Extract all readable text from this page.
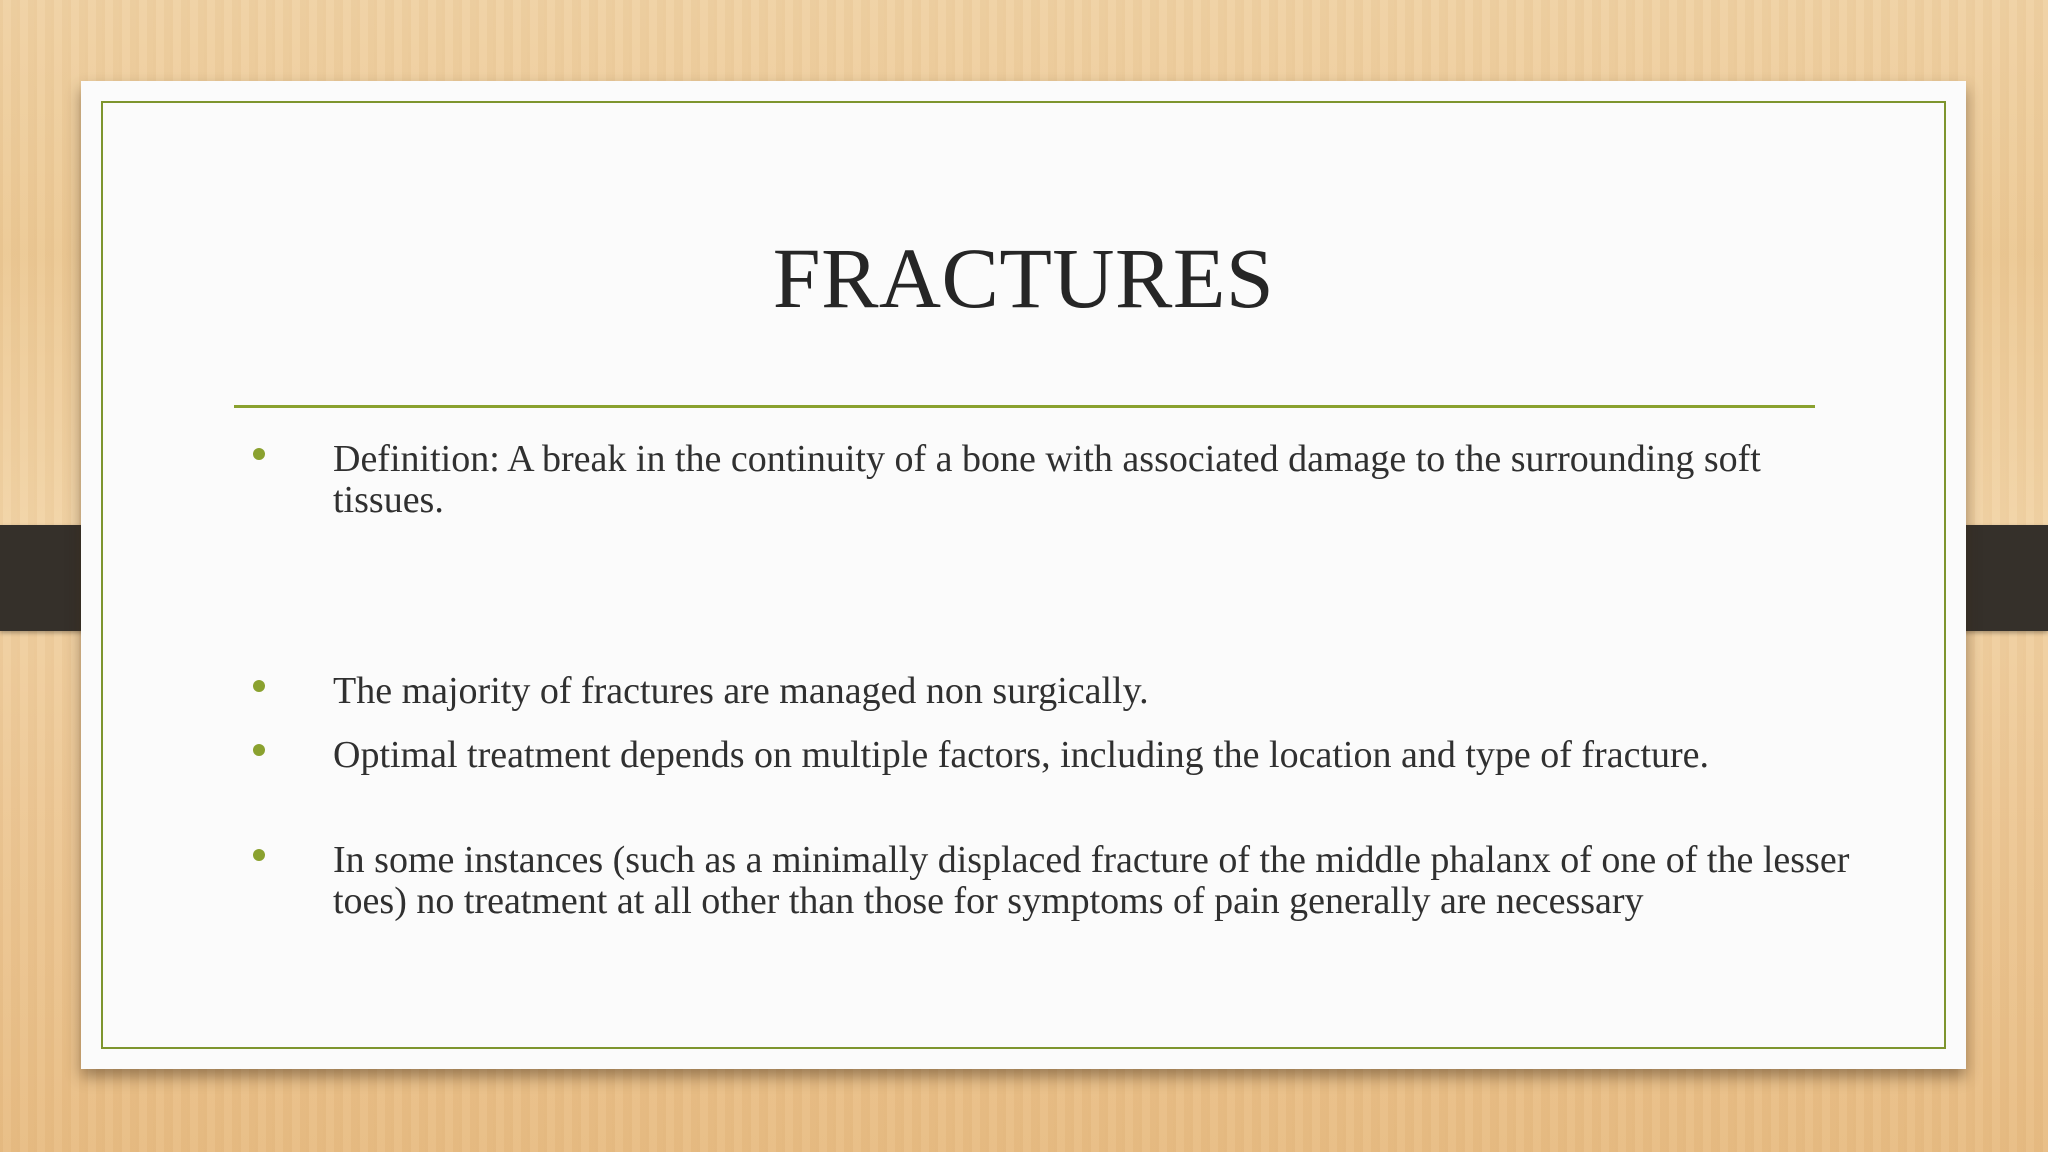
FRACTURES
Definition: A break in the continuity of a bone with associated damage to the surrounding soft tissues.
The majority of fractures are managed non surgically.
Optimal treatment depends on multiple factors, including the location and type of fracture.
In some instances (such as a minimally displaced fracture of the middle phalanx of one of the lesser toes) no treatment at all other than those for symptoms of pain generally are necessary
